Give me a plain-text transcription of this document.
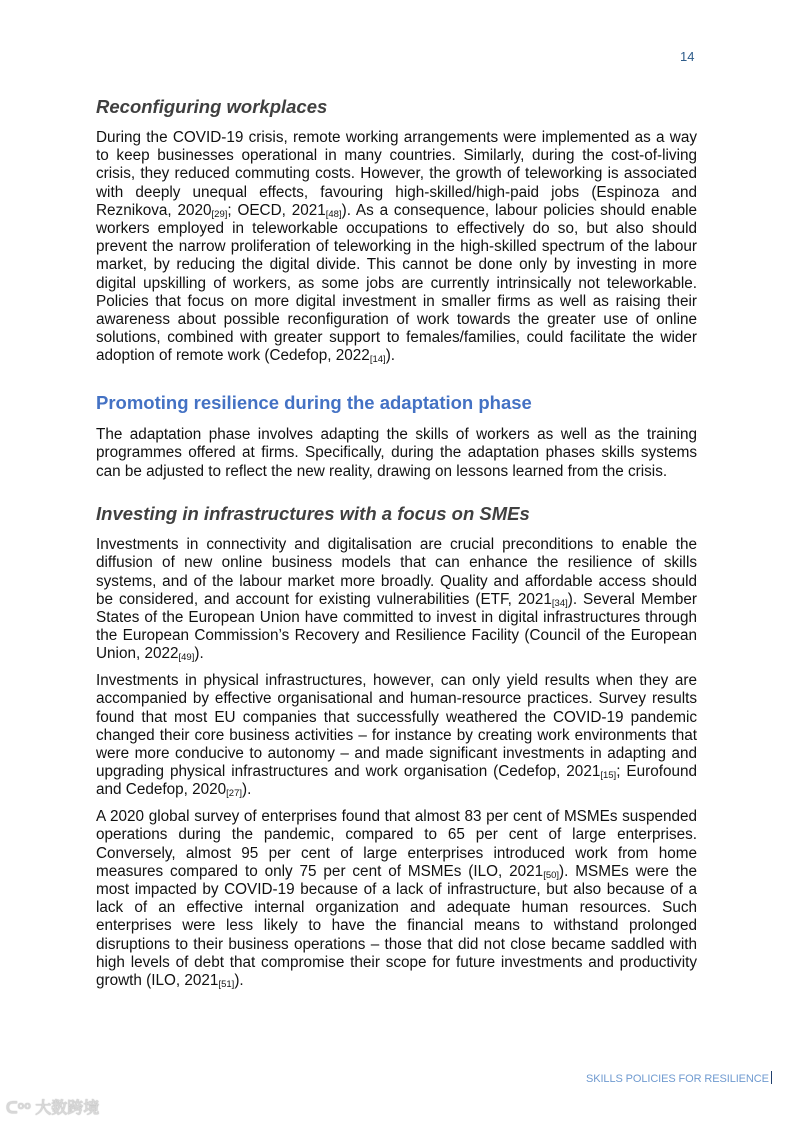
14
Reconfiguring workplaces

During the COVID-19 crisis, remote working arrangements were implemented as a way to keep businesses operational in many countries. Similarly, during the cost-of-living crisis, they reduced commuting costs. However, the growth of teleworking is associated with deeply unequal effects, favouring high-skilled/high-paid jobs (Espinoza and Reznikova, $2020_{[29]}$; OECD, $2021_{[48]}$). As a consequence, labour policies should enable workers employed in teleworkable occupations to effectively do so, but also should prevent the narrow proliferation of teleworking in the high-skilled spectrum of the labour market, by reducing the digital divide. This cannot be done only by investing in more digital upskilling of workers, as some jobs are currently intrinsically not teleworkable. Policies that focus on more digital investment in smaller firms as well as raising their awareness about possible reconfiguration of work towards the greater use of online solutions, combined with greater support to females/families, could facilitate the wider adoption of remote work (Cedefop, $2022_{[14]}$).

Promoting resilience during the adaptation phase

The adaptation phase involves adapting the skills of workers as well as the training programmes offered at firms. Specifically, during the adaptation phases skills systems can be adjusted to reflect the new reality, drawing on lessons learned from the crisis.

Investing in infrastructures with a focus on SMEs

Investments in connectivity and digitalisation are crucial preconditions to enable the diffusion of new online business models that can enhance the resilience of skills systems, and of the labour market more broadly. Quality and affordable access should be considered, and account for existing vulnerabilities (ETF, $2021_{[34]}$). Several Member States of the European Union have committed to invest in digital infrastructures through the European Commission’s Recovery and Resilience Facility (Council of the European Union, $2022_{[49]}$).

Investments in physical infrastructures, however, can only yield results when they are accompanied by effective organisational and human-resource practices. Survey results found that most EU companies that successfully weathered the COVID-19 pandemic changed their core business activities – for instance by creating work environments that were more conducive to autonomy – and made significant investments in adapting and upgrading physical infrastructures and work organisation (Cedefop, $2021_{[15]}$; Eurofound and Cedefop, $2020_{[27]}$).

A 2020 global survey of enterprises found that almost 83 per cent of MSMEs suspended operations during the pandemic, compared to 65 per cent of large enterprises. Conversely, almost 95 per cent of large enterprises introduced work from home measures compared to only 75 per cent of MSMEs (ILO, $2021_{[50]}$). MSMEs were the most impacted by COVID-19 because of a lack of infrastructure, but also because of a lack of an effective internal organization and adequate human resources. Such enterprises were less likely to have the financial means to withstand prolonged disruptions to their business operations – those that did not close became saddled with high levels of debt that compromise their scope for future investments and productivity growth (ILO, $2021_{[51]}$).

SKILLS POLICIES FOR RESILIENCE
ᑕᵒᵒ 大数跨境
